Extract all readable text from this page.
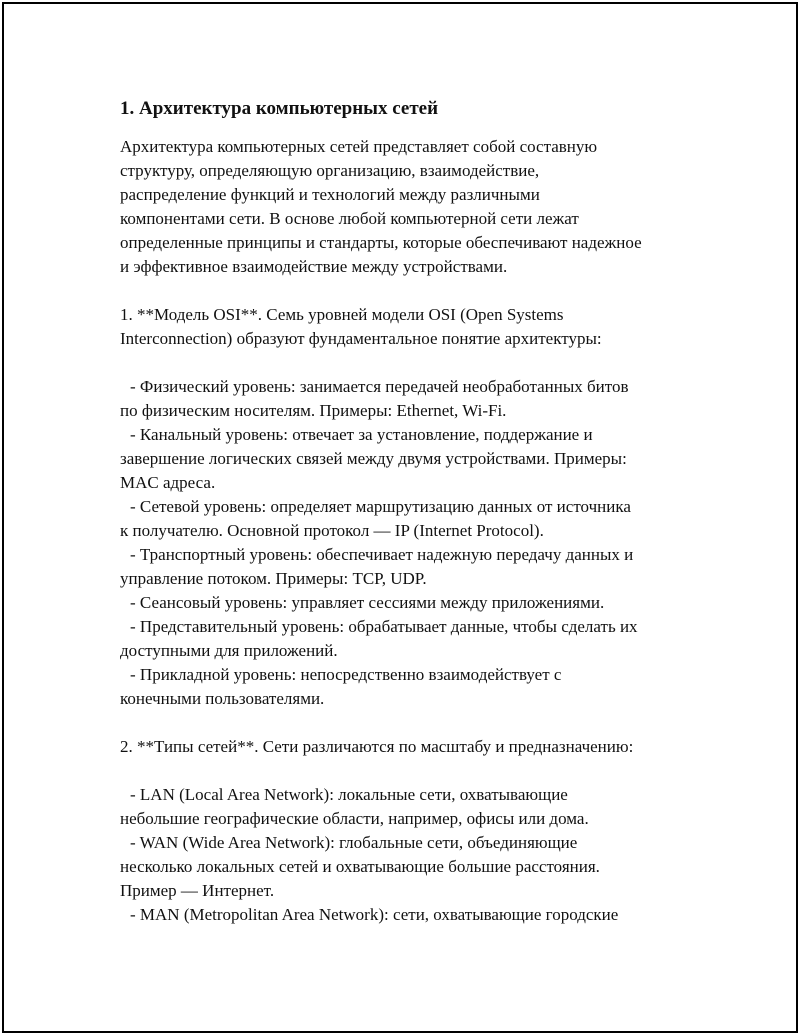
1. Архитектура компьютерных сетей

Архитектура компьютерных сетей представляет собой составную

структуру, определяющую организацию, взаимодействие,

распределение функций и технологий между различными

компонентами сети. В основе любой компьютерной сети лежат

определенные принципы и стандарты, которые обеспечивают надежное

и эффективное взаимодействие между устройствами.

1. **Модель OSI**. Семь уровней модели OSI (Open Systems

Interconnection) образуют фундаментальное понятие архитектуры:

- Физический уровень: занимается передачей необработанных битов

по физическим носителям. Примеры: Ethernet, Wi-Fi.

- Канальный уровень: отвечает за установление, поддержание и

завершение логических связей между двумя устройствами. Примеры:

MAC адреса.

- Сетевой уровень: определяет маршрутизацию данных от источника

к получателю. Основной протокол — IP (Internet Protocol).

- Транспортный уровень: обеспечивает надежную передачу данных и

управление потоком. Примеры: TCP, UDP.

- Сеансовый уровень: управляет сессиями между приложениями.

- Представительный уровень: обрабатывает данные, чтобы сделать их

доступными для приложений.

- Прикладной уровень: непосредственно взаимодействует с

конечными пользователями.

2. **Типы сетей**. Сети различаются по масштабу и предназначению:

- LAN (Local Area Network): локальные сети, охватывающие

небольшие географические области, например, офисы или дома.

- WAN (Wide Area Network): глобальные сети, объединяющие

несколько локальных сетей и охватывающие большие расстояния.

Пример — Интернет.

- MAN (Metropolitan Area Network): сети, охватывающие городские
